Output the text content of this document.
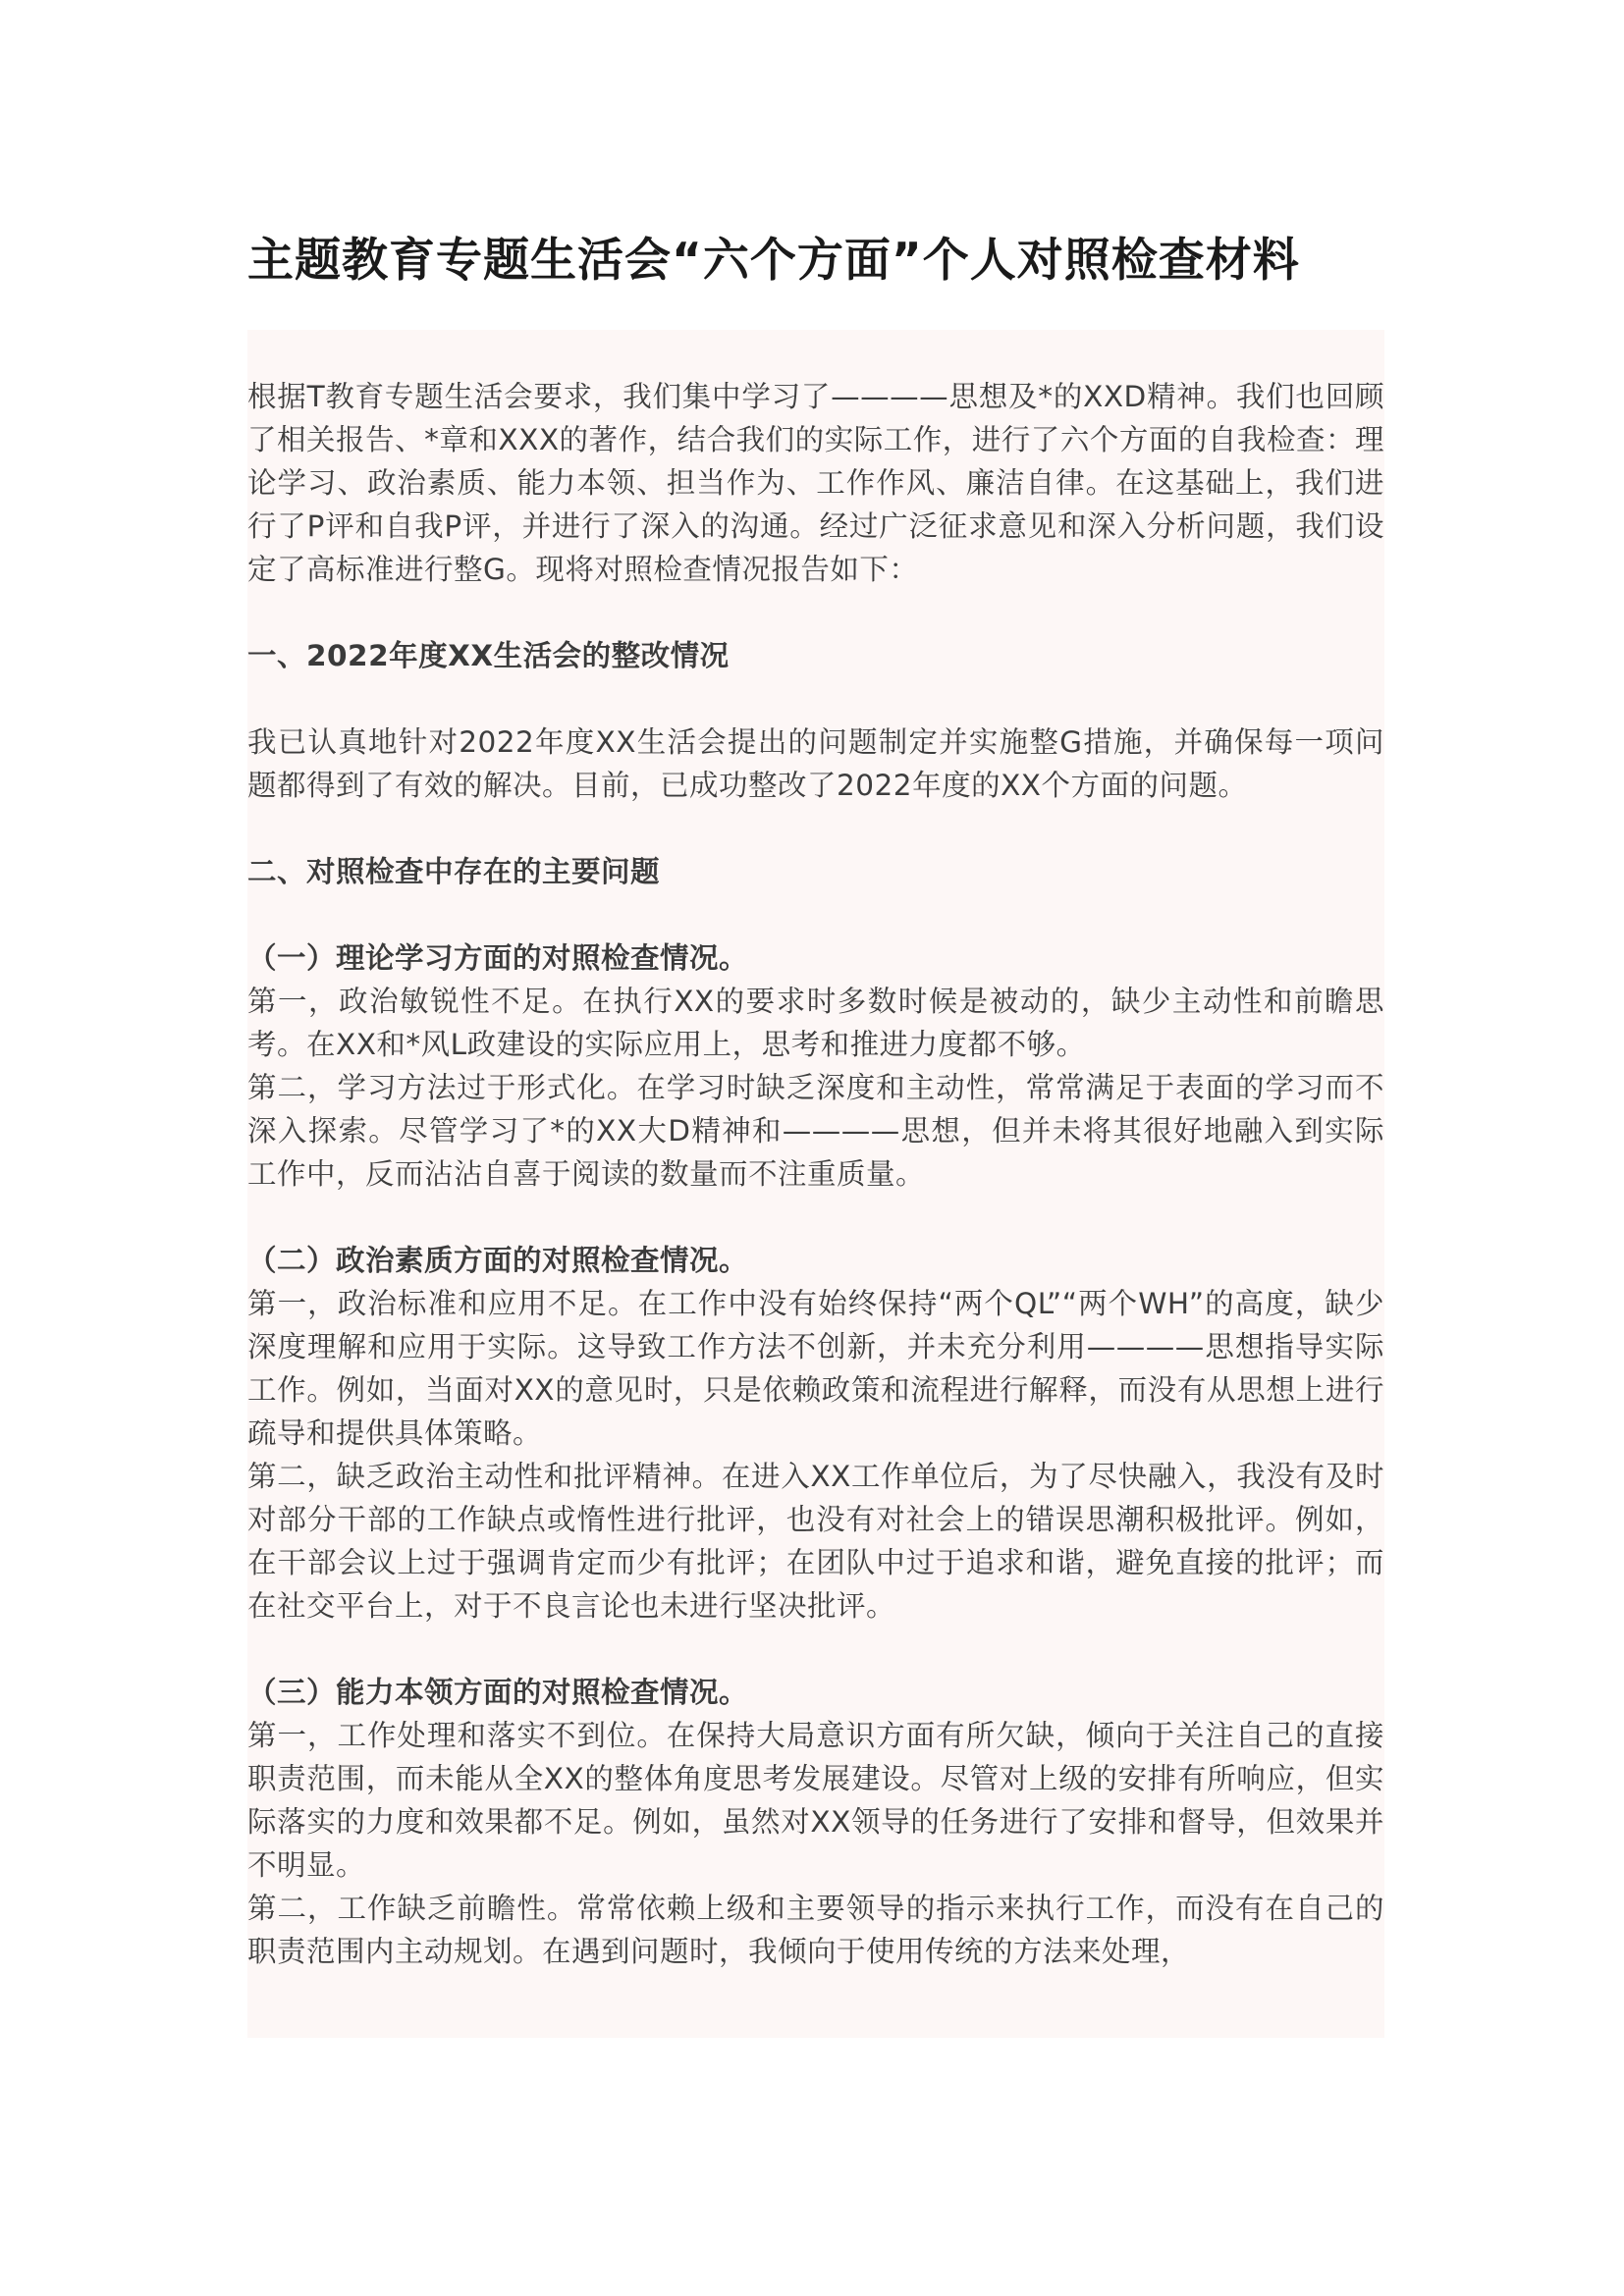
主题教育专题生活会“六个方面”个人对照检查材料

根据T教育专题生活会要求，我们集中学习了————思想及*的XXD精神。我们也回顾了相关报告、*章和XXX的著作，结合我们的实际工作，进行了六个方面的自我检查：理论学习、政治素质、能力本领、担当作为、工作作风、廉洁自律。在这基础上，我们进行了P评和自我P评，并进行了深入的沟通。经过广泛征求意见和深入分析问题，我们设定了高标准进行整G。现将对照检查情况报告如下：

一、2022年度XX生活会的整改情况

我已认真地针对2022年度XX生活会提出的问题制定并实施整G措施，并确保每一项问题都得到了有效的解决。目前，已成功整改了2022年度的XX个方面的问题。

二、对照检查中存在的主要问题

（一）理论学习方面的对照检查情况。

第一，政治敏锐性不足。在执行XX的要求时多数时候是被动的，缺少主动性和前瞻思考。在XX和*风L政建设的实际应用上，思考和推进力度都不够。

第二，学习方法过于形式化。在学习时缺乏深度和主动性，常常满足于表面的学习而不深入探索。尽管学习了*的XX大D精神和————思想，但并未将其很好地融入到实际工作中，反而沾沾自喜于阅读的数量而不注重质量。

（二）政治素质方面的对照检查情况。

第一，政治标准和应用不足。在工作中没有始终保持“两个QL”“两个WH”的高度，缺少深度理解和应用于实际。这导致工作方法不创新，并未充分利用————思想指导实际工作。例如，当面对XX的意见时，只是依赖政策和流程进行解释，而没有从思想上进行疏导和提供具体策略。

第二，缺乏政治主动性和批评精神。在进入XX工作单位后，为了尽快融入，我没有及时对部分干部的工作缺点或惰性进行批评，也没有对社会上的错误思潮积极批评。例如，在干部会议上过于强调肯定而少有批评；在团队中过于追求和谐，避免直接的批评；而在社交平台上，对于不良言论也未进行坚决批评。

（三）能力本领方面的对照检查情况。

第一，工作处理和落实不到位。在保持大局意识方面有所欠缺，倾向于关注自己的直接职责范围，而未能从全XX的整体角度思考发展建设。尽管对上级的安排有所响应，但实际落实的力度和效果都不足。例如，虽然对XX领导的任务进行了安排和督导，但效果并不明显。

第二，工作缺乏前瞻性。常常依赖上级和主要领导的指示来执行工作，而没有在自己的职责范围内主动规划。在遇到问题时，我倾向于使用传统的方法来处理，
